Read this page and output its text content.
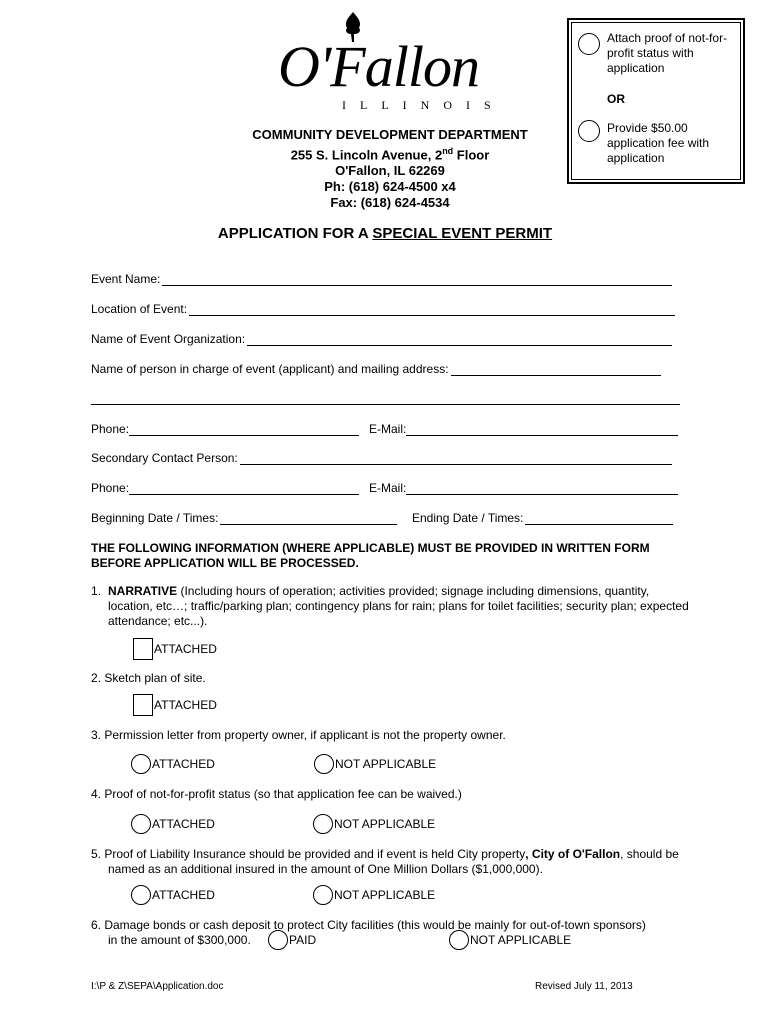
O'Fallon
ILLINOIS
Attach proof of not-for-profit status with application
OR
Provide $50.00 application fee with application
COMMUNITY DEVELOPMENT DEPARTMENT
255 S. Lincoln Avenue, 2nd Floor
O'Fallon, IL 62269
Ph: (618) 624-4500 x4
Fax: (618) 624-4534
APPLICATION FOR A SPECIAL EVENT PERMIT
Event Name:
Location of Event:
Name of Event Organization:
Name of person in charge of event (applicant) and mailing address:
Phone:	E-Mail:
Secondary Contact Person:
Phone:	E-Mail:
Beginning Date / Times:	Ending Date / Times:
THE FOLLOWING INFORMATION (WHERE APPLICABLE) MUST BE PROVIDED IN WRITTEN FORM BEFORE APPLICATION WILL BE PROCESSED.
1. NARRATIVE (Including hours of operation; activities provided; signage including dimensions, quantity, location, etc…; traffic/parking plan; contingency plans for rain; plans for toilet facilities; security plan; expected attendance; etc...).
ATTACHED
2. Sketch plan of site.
ATTACHED
3. Permission letter from property owner, if applicant is not the property owner.
ATTACHED	NOT APPLICABLE
4. Proof of not-for-profit status (so that application fee can be waived.)
ATTACHED	NOT APPLICABLE
5. Proof of Liability Insurance should be provided and if event is held City property, City of O'Fallon, should be named as an additional insured in the amount of One Million Dollars ($1,000,000).
ATTACHED	NOT APPLICABLE
6. Damage bonds or cash deposit to protect City facilities (this would be mainly for out-of-town sponsors)
in the amount of $300,000.	PAID	NOT APPLICABLE
I:\P & Z\SEPA\Application.doc	Revised July 11, 2013
